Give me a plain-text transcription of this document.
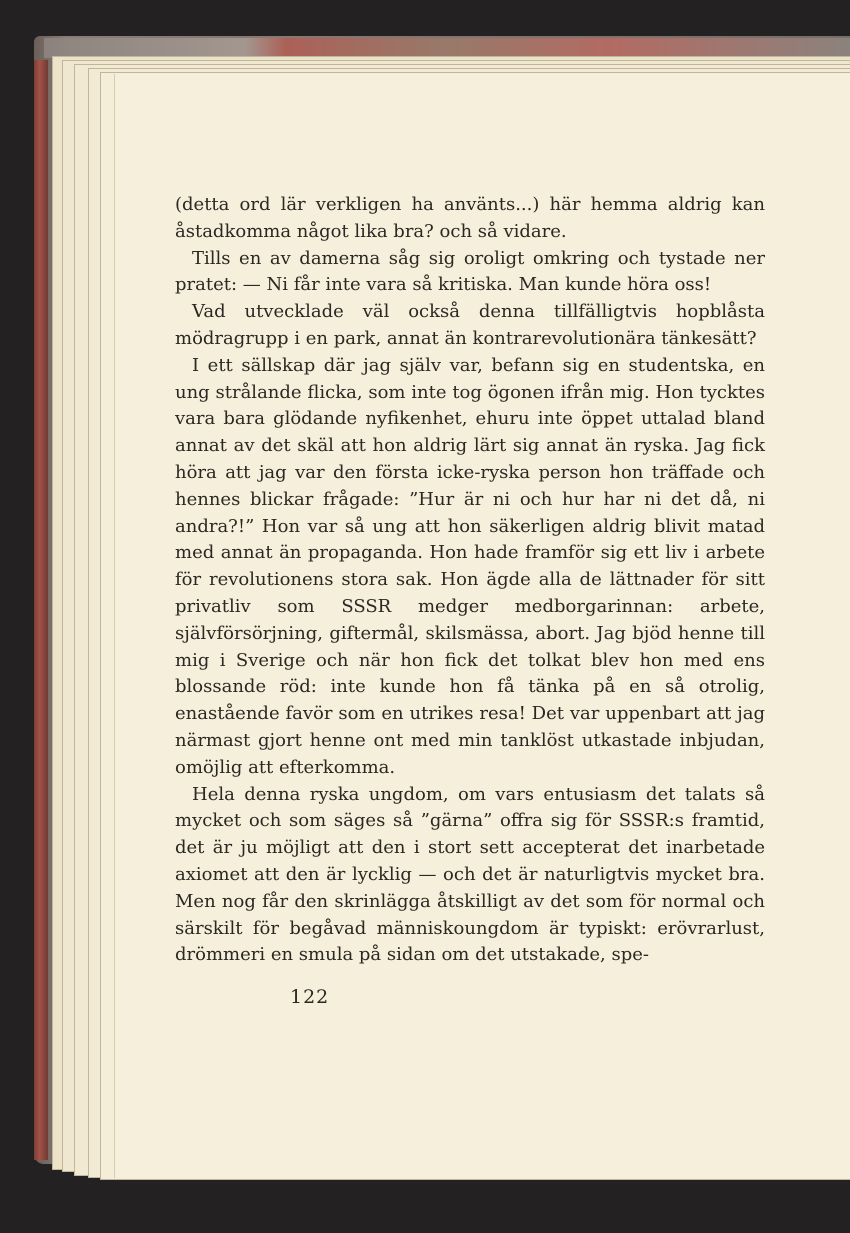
(detta ord lär verkligen ha använts...) här hemma aldrig kan åstadkomma något lika bra? och så vidare.

Tills en av damerna såg sig oroligt omkring och tystade ner pratet: — Ni får inte vara så kritiska. Man kunde höra oss!

Vad utvecklade väl också denna tillfälligtvis hopblåsta mödragrupp i en park, annat än kontrarevolutionära tänkesätt?

I ett sällskap där jag själv var, befann sig en studentska, en ung strålande flicka, som inte tog ögonen ifrån mig. Hon tycktes vara bara glödande nyfikenhet, ehuru inte öppet uttalad bland annat av det skäl att hon aldrig lärt sig annat än ryska. Jag fick höra att jag var den första icke-ryska person hon träffade och hennes blickar frågade: ”Hur är ni och hur har ni det då, ni andra?!” Hon var så ung att hon säkerligen aldrig blivit matad med annat än propaganda. Hon hade framför sig ett liv i arbete för revolutionens stora sak. Hon ägde alla de lättnader för sitt privatliv som SSSR medger medborgarinnan: arbete, självförsörjning, giftermål, skilsmässa, abort. Jag bjöd henne till mig i Sverige och när hon fick det tolkat blev hon med ens blossande röd: inte kunde hon få tänka på en så otrolig, enastående favör som en utrikes resa! Det var uppenbart att jag närmast gjort henne ont med min tanklöst utkastade inbjudan, omöjlig att efterkomma.

Hela denna ryska ungdom, om vars entusiasm det talats så mycket och som säges så ”gärna” offra sig för SSSR:s framtid, det är ju möjligt att den i stort sett accepterat det inarbetade axiomet att den är lycklig — och det är naturligtvis mycket bra. Men nog får den skrinlägga åtskilligt av det som för normal och särskilt för begåvad människoungdom är typiskt: erövrarlust, drömmeri en smula på sidan om det utstakade, spe-

122
